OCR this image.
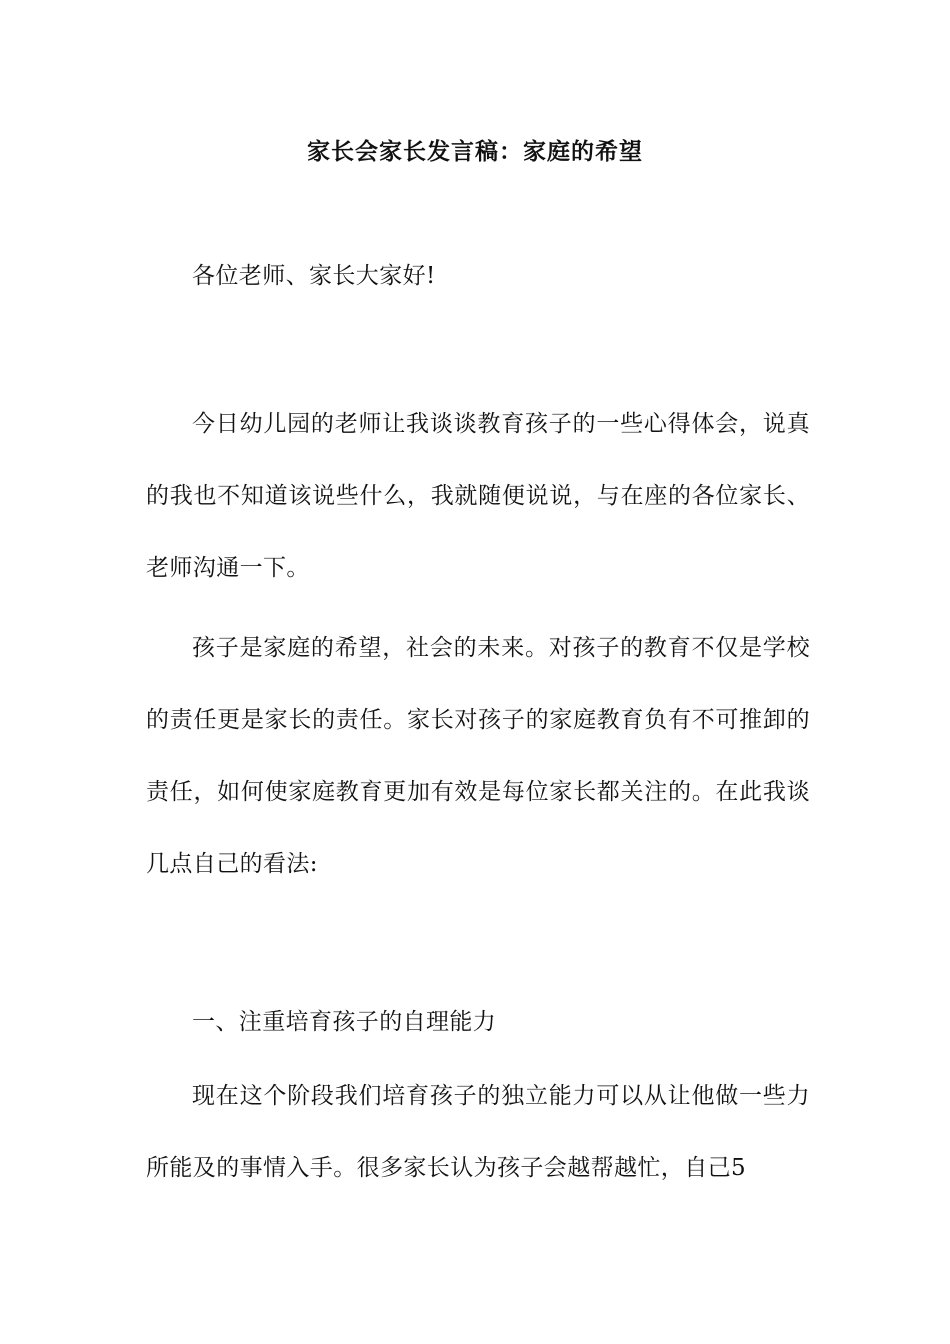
家长会家长发言稿：家庭的希望

各位老师、家长大家好!

今日幼儿园的老师让我谈谈教育孩子的一些心得体会，说真的我也不知道该说些什么，我就随便说说，与在座的各位家长、老师沟通一下。

孩子是家庭的希望，社会的未来。对孩子的教育不仅是学校的责任更是家长的责任。家长对孩子的家庭教育负有不可推卸的责任，如何使家庭教育更加有效是每位家长都关注的。在此我谈几点自己的看法:

一、注重培育孩子的自理能力

现在这个阶段我们培育孩子的独立能力可以从让他做一些力所能及的事情入手。很多家长认为孩子会越帮越忙，自己5
